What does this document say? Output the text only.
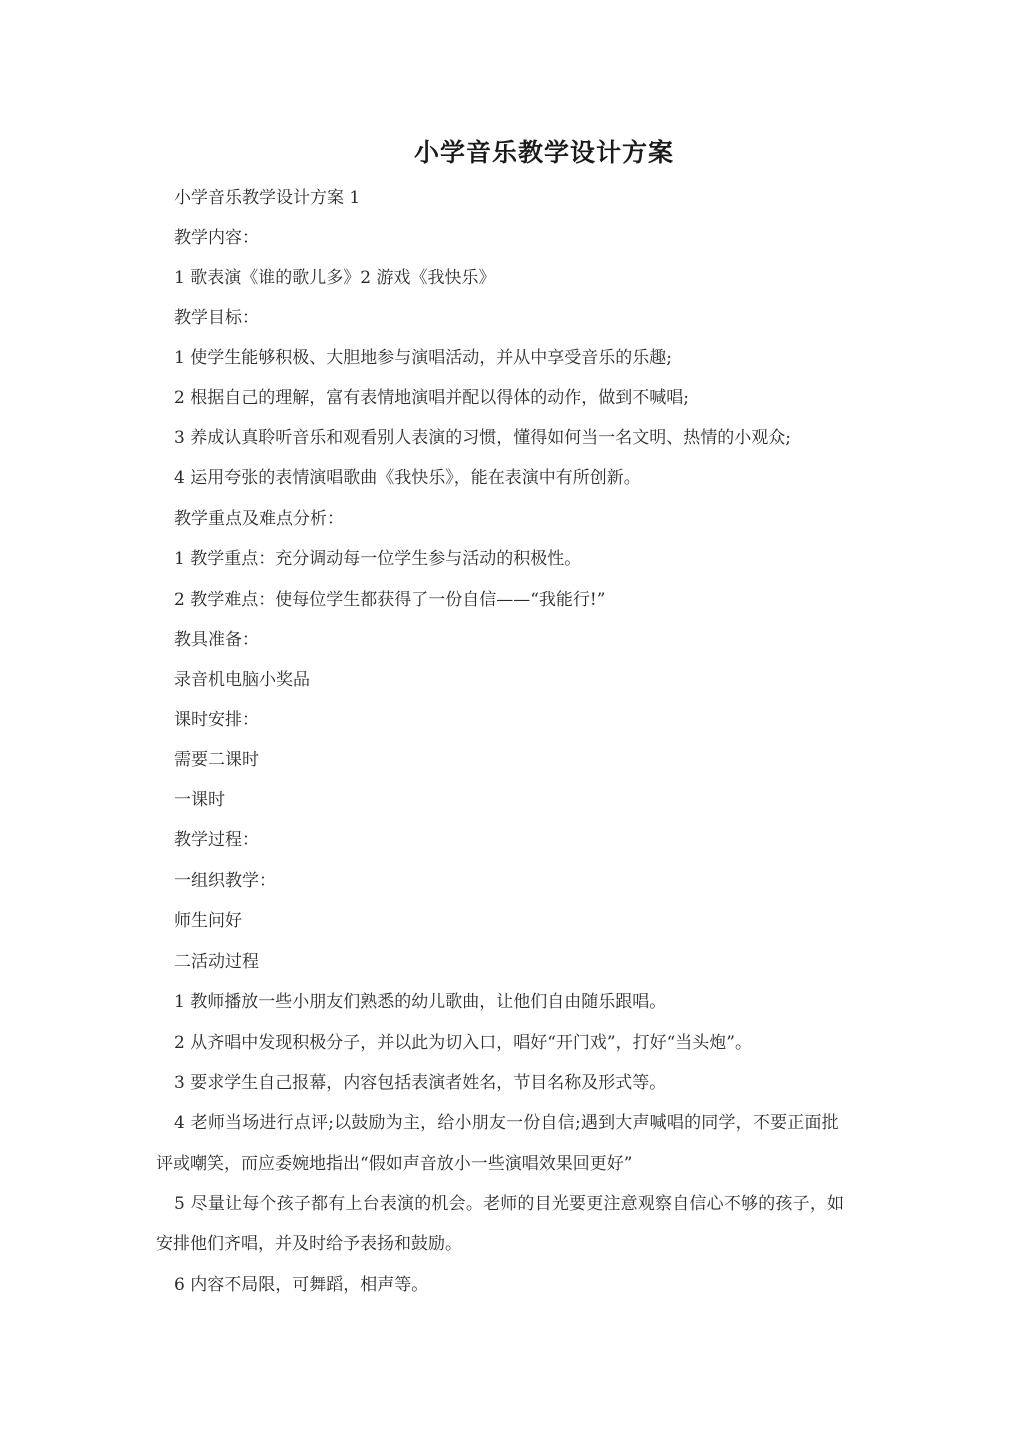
小学音乐教学设计方案
小学音乐教学设计方案 1
教学内容：
1 歌表演《谁的歌儿多》2 游戏《我快乐》
教学目标：
1 使学生能够积极、大胆地参与演唱活动，并从中享受音乐的乐趣;
2 根据自己的理解，富有表情地演唱并配以得体的动作，做到不喊唱;
3 养成认真聆听音乐和观看别人表演的习惯，懂得如何当一名文明、热情的小观众;
4 运用夸张的表情演唱歌曲《我快乐》，能在表演中有所创新。
教学重点及难点分析：
1 教学重点：充分调动每一位学生参与活动的积极性。
2 教学难点：使每位学生都获得了一份自信——“我能行!”
教具准备：
录音机电脑小奖品
课时安排：
需要二课时
一课时
教学过程：
一组织教学：
师生问好
二活动过程
1 教师播放一些小朋友们熟悉的幼儿歌曲，让他们自由随乐跟唱。
2 从齐唱中发现积极分子，并以此为切入口，唱好“开门戏”，打好“当头炮”。
3 要求学生自己报幕，内容包括表演者姓名，节目名称及形式等。
4 老师当场进行点评;以鼓励为主，给小朋友一份自信;遇到大声喊唱的同学，不要正面批
评或嘲笑，而应委婉地指出“假如声音放小一些演唱效果回更好”
5 尽量让每个孩子都有上台表演的机会。老师的目光要更注意观察自信心不够的孩子，如
安排他们齐唱，并及时给予表扬和鼓励。
6 内容不局限，可舞蹈，相声等。
